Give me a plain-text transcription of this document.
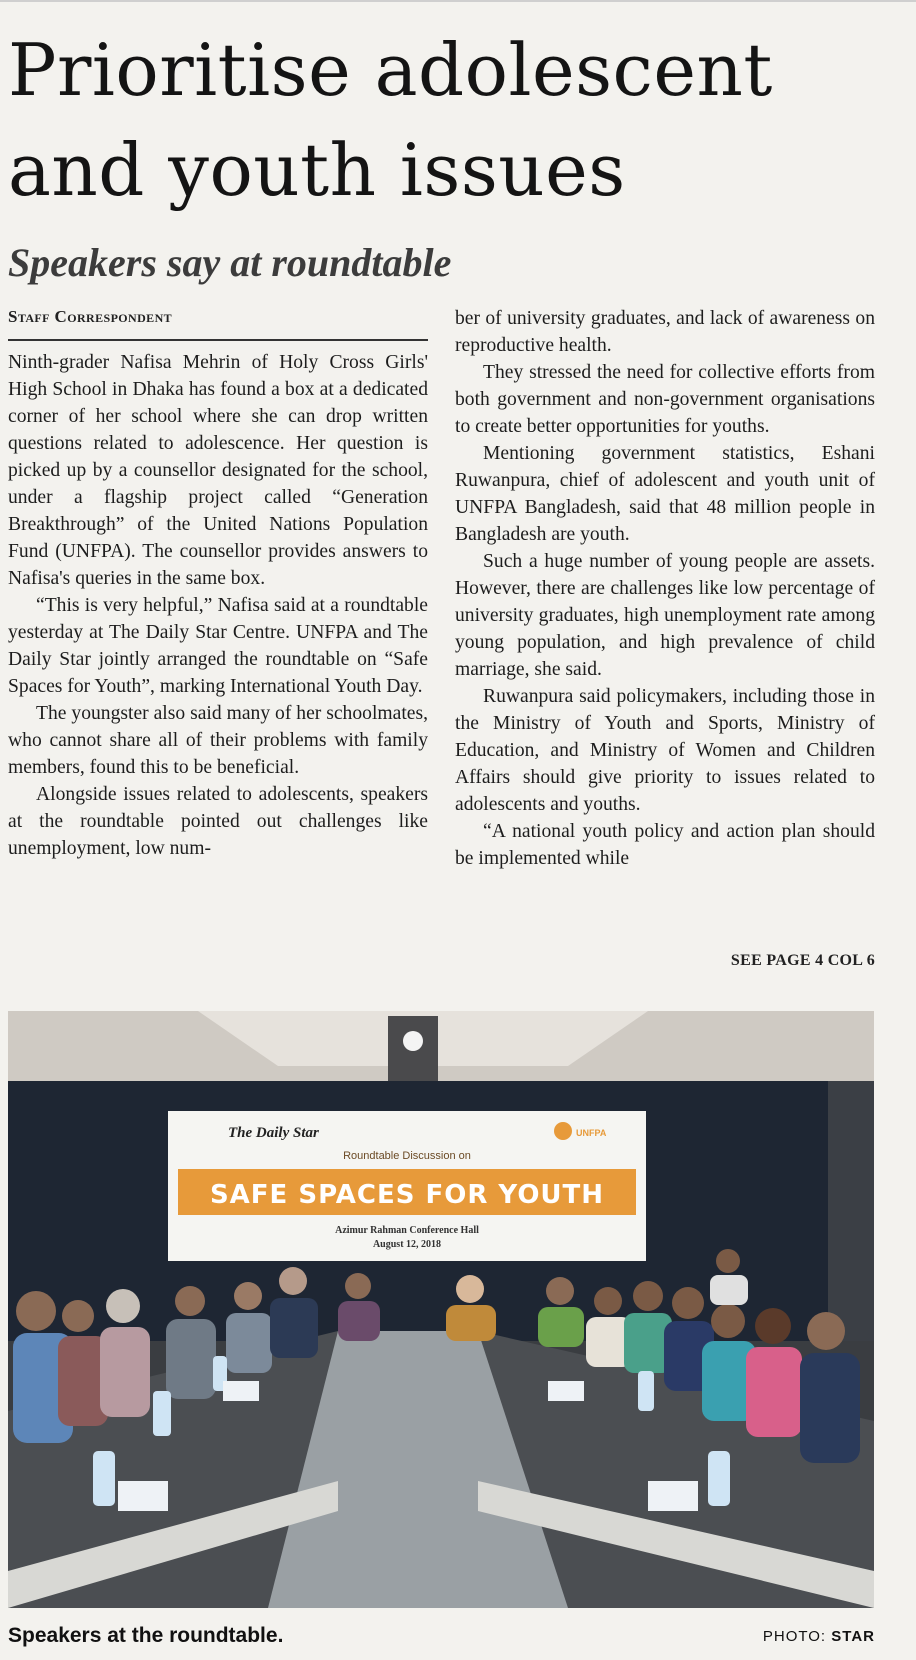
Prioritise adolescent
and youth issues
Speakers say at roundtable
Staff Correspondent

Ninth-grader Nafisa Mehrin of Holy Cross Girls' High School in Dhaka has found a box at a dedicated corner of her school where she can drop written questions related to adolescence. Her question is picked up by a counsellor designated for the school, under a flagship project called “Generation Breakthrough” of the United Nations Population Fund (UNFPA). The counsellor provides answers to Nafisa's queries in the same box.

“This is very helpful,” Nafisa said at a roundtable yesterday at The Daily Star Centre. UNFPA and The Daily Star jointly arranged the roundtable on “Safe Spaces for Youth”, marking International Youth Day.

The youngster also said many of her schoolmates, who cannot share all of their problems with family members, found this to be beneficial.

Alongside issues related to adolescents, speakers at the roundtable pointed out challenges like unemployment, low num-

ber of university graduates, and lack of awareness on reproductive health.

They stressed the need for collective efforts from both government and non-government organisations to create better opportunities for youths.

Mentioning government statistics, Eshani Ruwanpura, chief of adolescent and youth unit of UNFPA Bangladesh, said that 48 million people in Bangladesh are youth.

Such a huge number of young people are assets. However, there are challenges like low percentage of university graduates, high unemployment rate among young population, and high prevalence of child marriage, she said.

Ruwanpura said policymakers, including those in the Ministry of Youth and Sports, Ministry of Education, and Ministry of Women and Children Affairs should give priority to issues related to adolescents and youths.

“A national youth policy and action plan should be implemented while

SEE PAGE 4 COL 6
The Daily Star	UNFPA
Roundtable Discussion on
SAFE SPACES FOR YOUTH
Azimur Rahman Conference Hall
August 12, 2018
Speakers at the roundtable.	PHOTO: STAR
